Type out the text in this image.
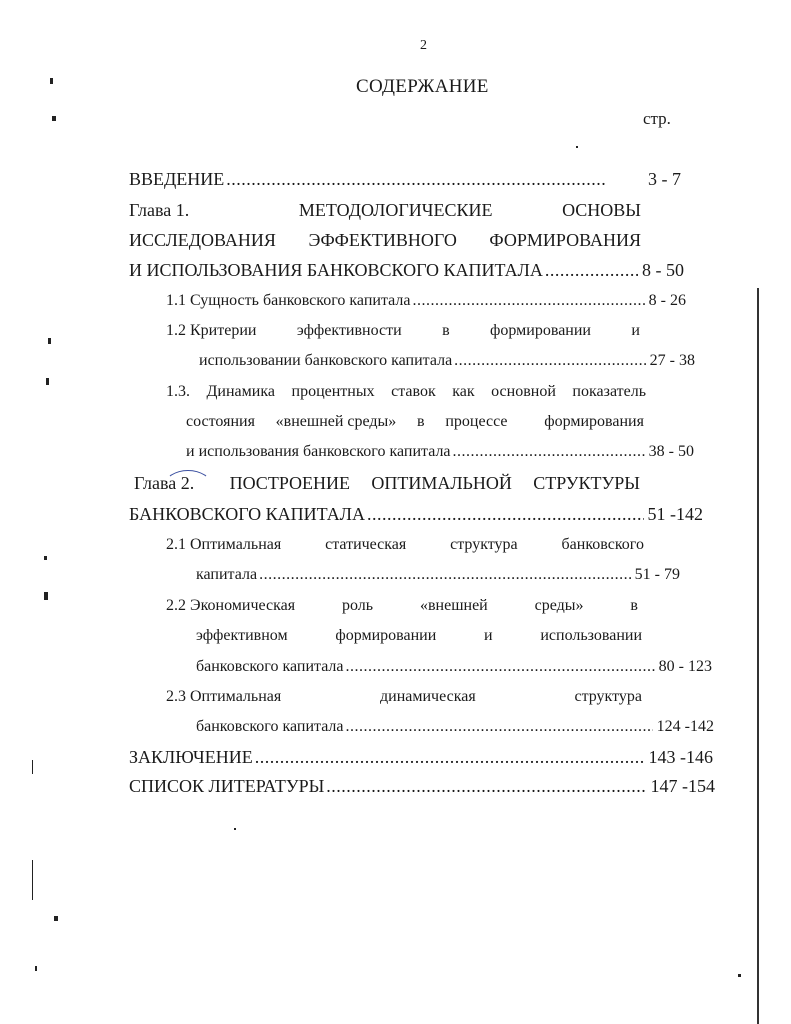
2
СОДЕРЖАНИЕ
стр.
ВВЕДЕНИЕ .....	3 - 7
Глава 1.	МЕТОДОЛОГИЧЕСКИЕ	ОСНОВЫ
ИССЛЕДОВАНИЯ ЭФФЕКТИВНОГО ФОРМИРОВАНИЯ
И ИСПОЛЬЗОВАНИЯ БАНКОВСКОГО КАПИТАЛА .....	8 - 50
1.1 Сущность банковского капитала .....	8 - 26
1.2 Критерии	эффективности	в	формировании	и
использовании банковского капитала .....	27 - 38
1.3. Динамика процентных ставок как основной показатель
состояния «внешней среды» в процессе формирования
и использования банковского капитала .....	38 - 50
Глава 2. ПОСТРОЕНИЕ ОПТИМАЛЬНОЙ СТРУКТУРЫ
БАНКОВСКОГО КАПИТАЛА .....	51 -142
2.1 Оптимальная	статическая	структура	банковского
капитала .....	51 - 79
2.2 Экономическая	роль	«внешней	среды»	в
эффективном	формировании	и	использовании
банковского капитала .....	80 - 123
2.3 Оптимальная	динамическая	структура
банковского капитала .....	124 -142
ЗАКЛЮЧЕНИЕ .....	143 -146
СПИСОК ЛИТЕРАТУРЫ .....	147 -154
